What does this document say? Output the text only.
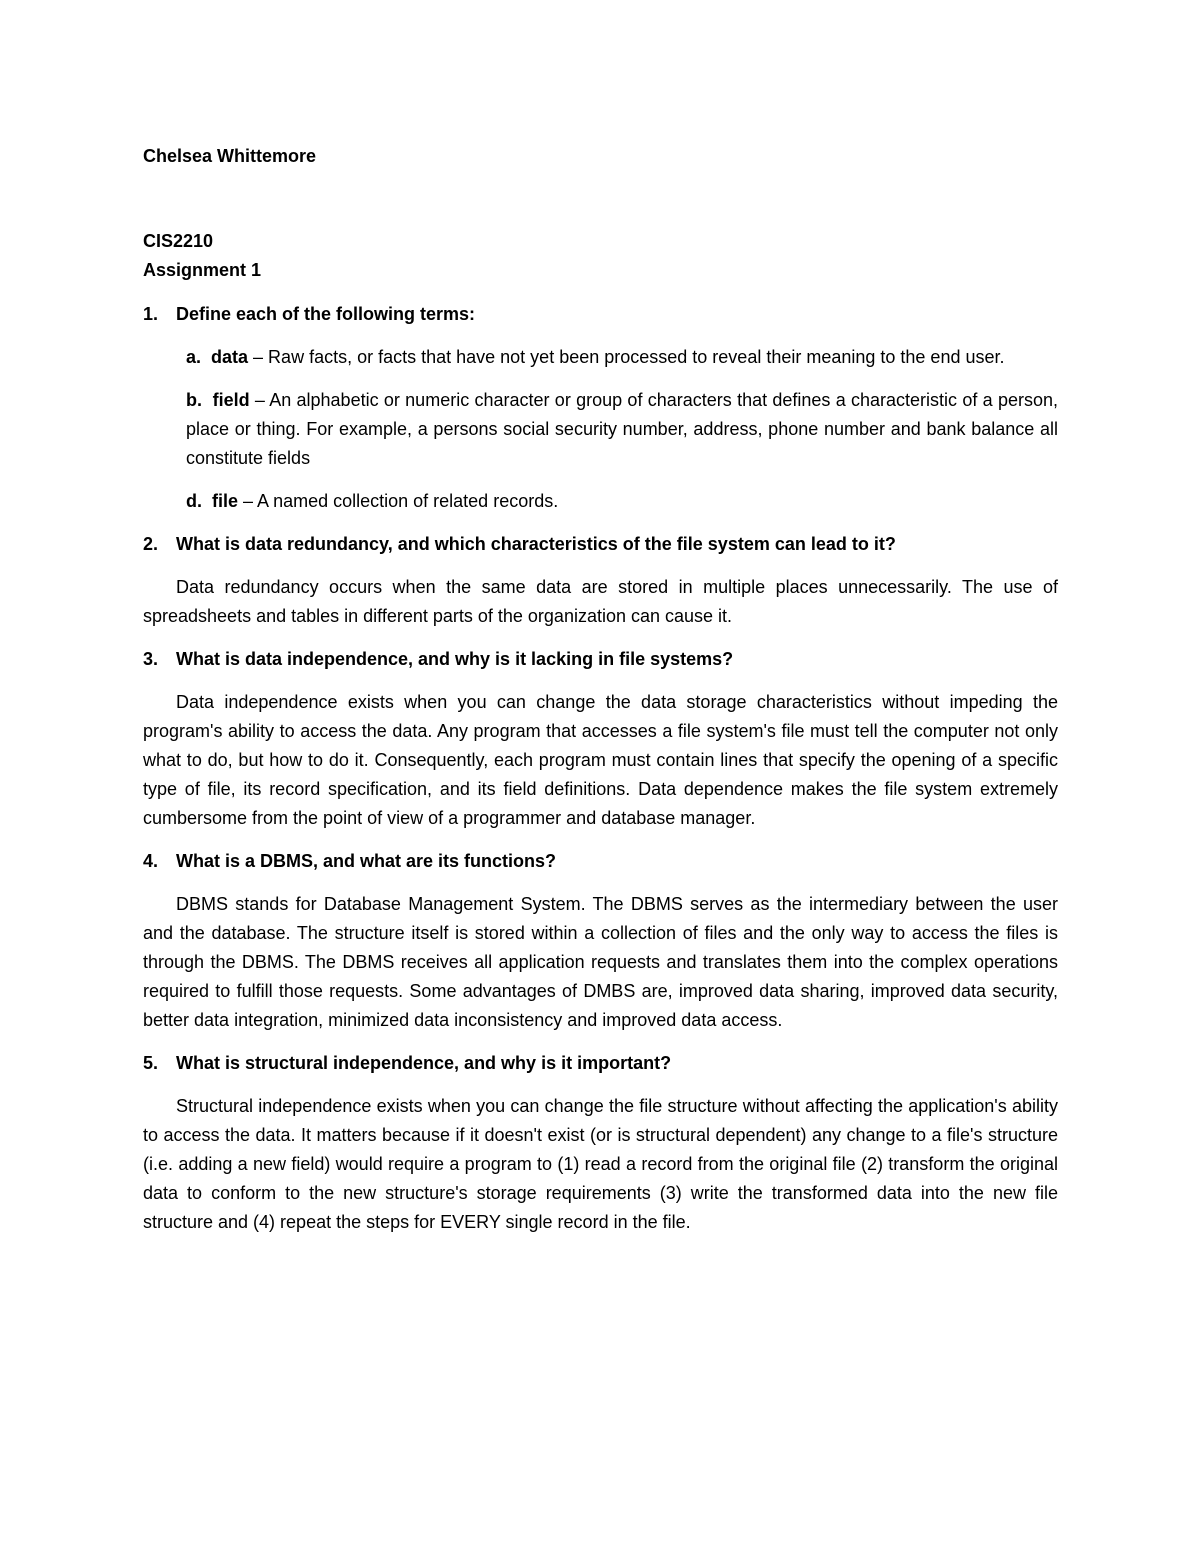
Chelsea Whittemore

CIS2210

Assignment 1

1. Define each of the following terms:

a. data – Raw facts, or facts that have not yet been processed to reveal their meaning to the end user.

b. field – An alphabetic or numeric character or group of characters that defines a characteristic of a person, place or thing. For example, a persons social security number, address, phone number and bank balance all constitute fields

d. file – A named collection of related records.

2. What is data redundancy, and which characteristics of the file system can lead to it?

Data redundancy occurs when the same data are stored in multiple places unnecessarily. The use of spreadsheets and tables in different parts of the organization can cause it.

3. What is data independence, and why is it lacking in file systems?

Data independence exists when you can change the data storage characteristics without impeding the program's ability to access the data. Any program that accesses a file system's file must tell the computer not only what to do, but how to do it. Consequently, each program must contain lines that specify the opening of a specific type of file, its record specification, and its field definitions. Data dependence makes the file system extremely cumbersome from the point of view of a programmer and database manager.

4. What is a DBMS, and what are its functions?

DBMS stands for Database Management System. The DBMS serves as the intermediary between the user and the database. The structure itself is stored within a collection of files and the only way to access the files is through the DBMS. The DBMS receives all application requests and translates them into the complex operations required to fulfill those requests. Some advantages of DMBS are, improved data sharing, improved data security, better data integration, minimized data inconsistency and improved data access.

5. What is structural independence, and why is it important?

Structural independence exists when you can change the file structure without affecting the application's ability to access the data. It matters because if it doesn't exist (or is structural dependent) any change to a file's structure (i.e. adding a new field) would require a program to (1) read a record from the original file (2) transform the original data to conform to the new structure's storage requirements (3) write the transformed data into the new file structure and (4) repeat the steps for EVERY single record in the file.
